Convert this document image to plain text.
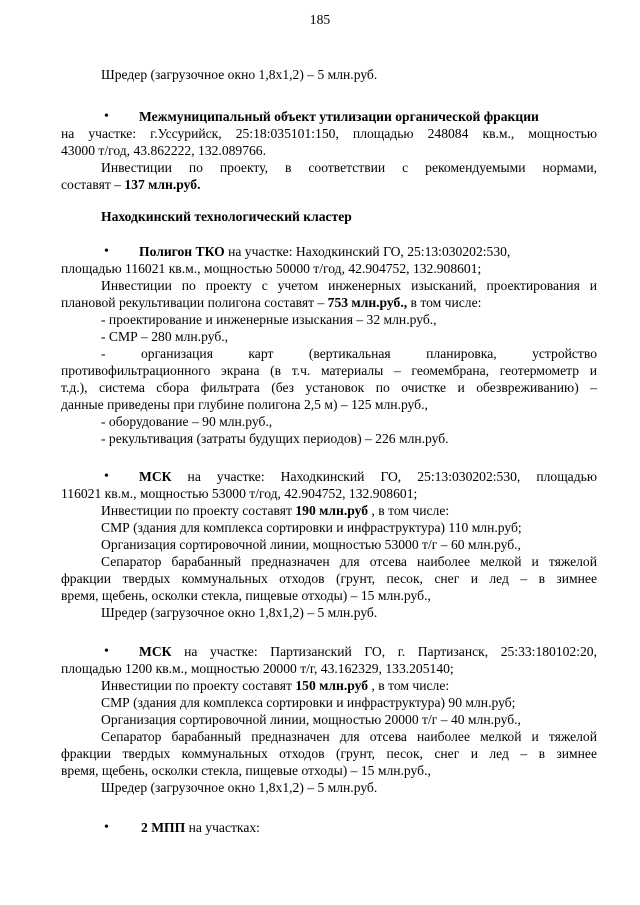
185
Шредер (загрузочное окно 1,8х1,2) – 5 млн.руб.
• Межмуниципальный объект утилизации органической фракции
на участке: г.Уссурийск, 25:18:035101:150, площадью 248084 кв.м., мощностью
43000 т/год, 43.862222, 132.089766.
Инвестиции по проекту, в соответствии с рекомендуемыми нормами,
составят – 137 млн.руб.
Находкинский технологический кластер
• Полигон ТКО на участке: Находкинский ГО, 25:13:030202:530,
площадью 116021 кв.м., мощностью 50000 т/год, 42.904752, 132.908601;
Инвестиции по проекту с учетом инженерных изысканий, проектирования и
плановой рекультивации полигона составят – 753 млн.руб., в том числе:
- проектирование и инженерные изыскания – 32 млн.руб.,
- СМР – 280 млн.руб.,
- организация карт (вертикальная планировка, устройство
противофильтрационного экрана (в т.ч. материалы – геомембрана, геотермометр и
т.д.), система сбора фильтрата (без установок по очистке и обезвреживанию) –
данные приведены при глубине полигона 2,5 м) – 125 млн.руб.,
- оборудование – 90 млн.руб.,
- рекультивация (затраты будущих периодов) – 226 млн.руб.
• МСК на участке: Находкинский ГО, 25:13:030202:530, площадью
116021 кв.м., мощностью 53000 т/год, 42.904752, 132.908601;
Инвестиции по проекту составят 190 млн.руб , в том числе:
СМР (здания для комплекса сортировки и инфраструктура) 110 млн.руб;
Организация сортировочной линии, мощностью 53000 т/г – 60 млн.руб.,
Сепаратор барабанный предназначен для отсева наиболее мелкой и тяжелой
фракции твердых коммунальных отходов (грунт, песок, снег и лед – в зимнее
время, щебень, осколки стекла, пищевые отходы) – 15 млн.руб.,
Шредер (загрузочное окно 1,8х1,2) – 5 млн.руб.
• МСК на участке: Партизанский ГО, г. Партизанск, 25:33:180102:20,
площадью 1200 кв.м., мощностью 20000 т/г, 43.162329, 133.205140;
Инвестиции по проекту составят 150 млн.руб , в том числе:
СМР (здания для комплекса сортировки и инфраструктура) 90 млн.руб;
Организация сортировочной линии, мощностью 20000 т/г – 40 млн.руб.,
Сепаратор барабанный предназначен для отсева наиболее мелкой и тяжелой
фракции твердых коммунальных отходов (грунт, песок, снег и лед – в зимнее
время, щебень, осколки стекла, пищевые отходы) – 15 млн.руб.,
Шредер (загрузочное окно 1,8х1,2) – 5 млн.руб.
• 2 МПП на участках:
